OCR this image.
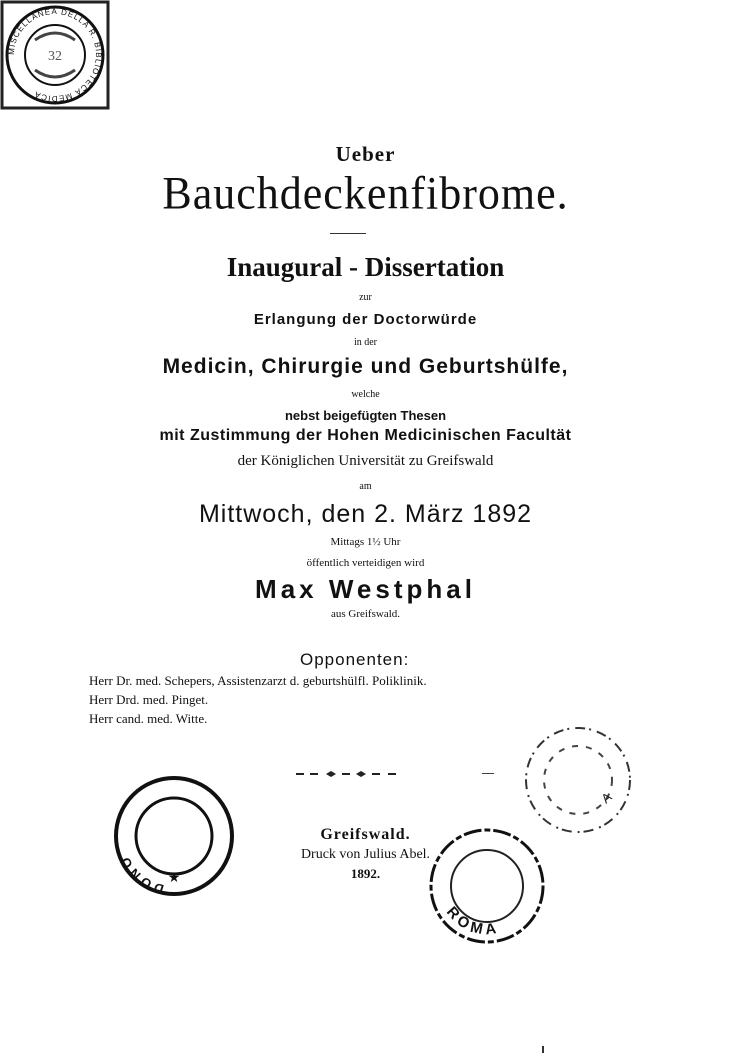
32
MISCELLANEA DELLA R. BIBLIOTECA MEDICA
Ueber
Bauchdeckenfibrome.
Inaugural - Dissertation
zur
Erlangung der Doctorwürde
in der
Medicin, Chirurgie und Geburtshülfe,
welche
nebst beigefügten Thesen
mit Zustimmung der Hohen Medicinischen Facultät
der Königlichen Universität zu Greifswald
am
Mittwoch, den 2. März 1892
Mittags 1½ Uhr
öffentlich verteidigen wird
Max Westphal
aus Greifswald.
Opponenten:
Herr Dr. med. Schepers, Assistenzarzt d. geburtshülfl. Poliklinik.
Herr Drd. med. Pinget.
Herr cand. med. Witte.
DONO
★
A
ROMA
Greifswald.
Druck von Julius Abel.
1892.
